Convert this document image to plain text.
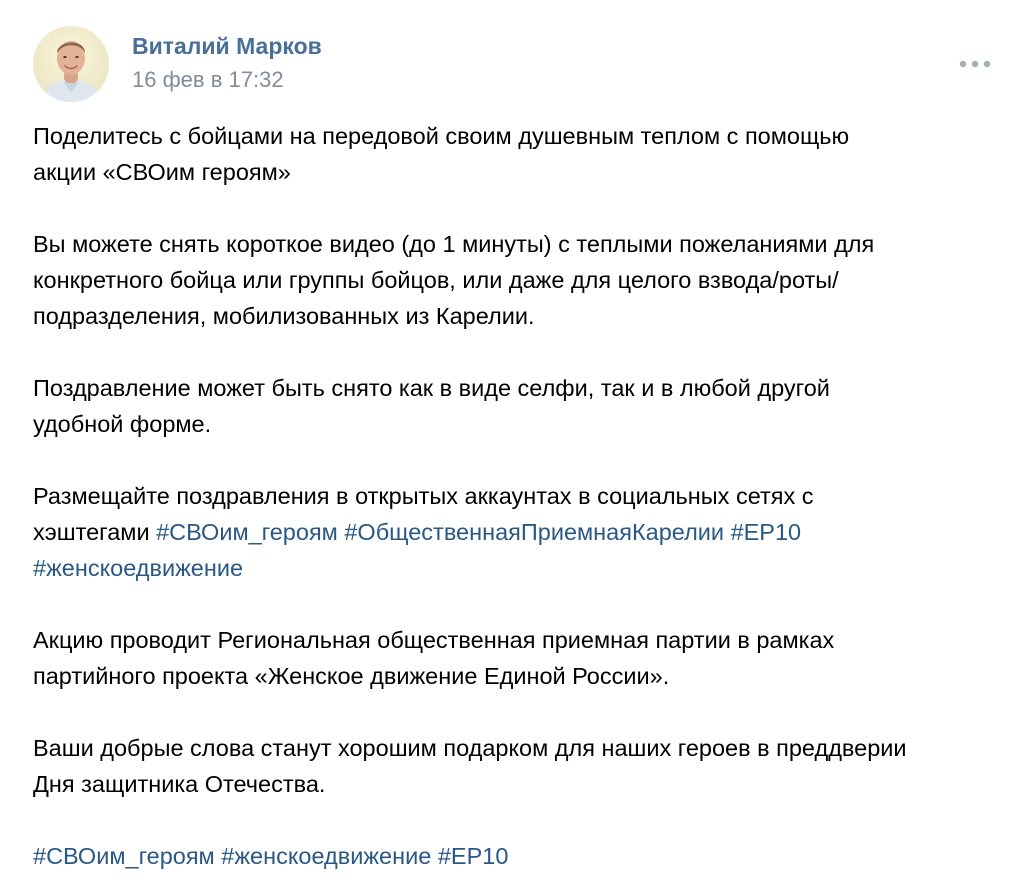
Виталий Марков
16 фев в 17:32
Поделитесь с бойцами на передовой своим душевным теплом с помощью
акции «СВОим героям»
Вы можете снять короткое видео (до 1 минуты) с теплыми пожеланиями для
конкретного бойца или группы бойцов, или даже для целого взвода/роты/
подразделения, мобилизованных из Карелии.
Поздравление может быть снято как в виде селфи, так и в любой другой
удобной форме.
Размещайте поздравления в открытых аккаунтах в социальных сетях с
хэштегами #СВОим_героям #ОбщественнаяПриемнаяКарелии #ЕР10
#женскоедвижение
Акцию проводит Региональная общественная приемная партии в рамках
партийного проекта «Женское движение Единой России».
Ваши добрые слова станут хорошим подарком для наших героев в преддверии
Дня защитника Отечества.
#СВОим_героям #женскоедвижение #ЕР10
